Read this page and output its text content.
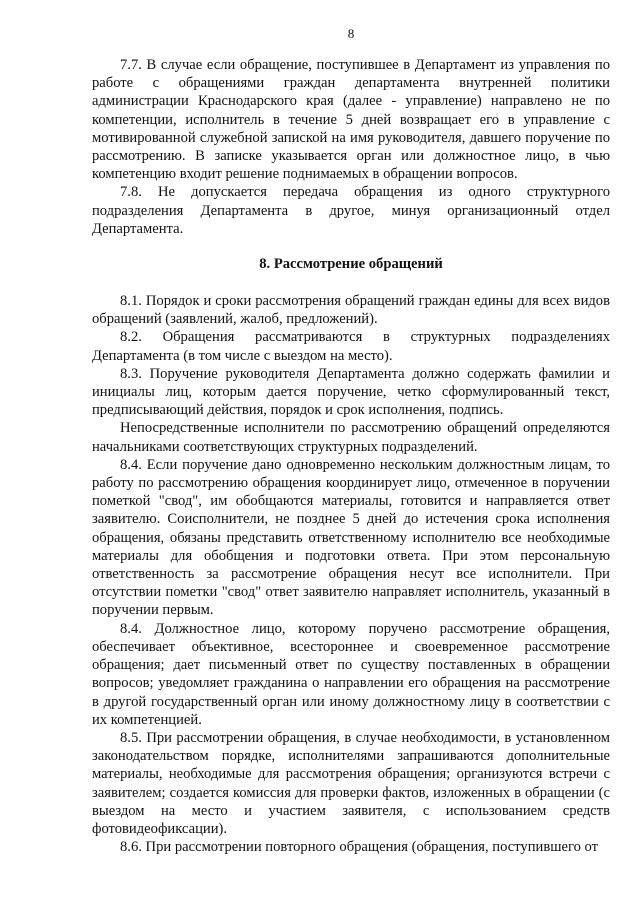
8

7.7. В случае если обращение, поступившее в Департамент из управления по работе с обращениями граждан департамента внутренней политики администрации Краснодарского края (далее - управление) направлено не по компетенции, исполнитель в течение 5 дней возвращает его в управление с мотивированной служебной запиской на имя руководителя, давшего поручение по рассмотрению. В записке указывается орган или должностное лицо, в чью компетенцию входит решение поднимаемых в обращении вопросов.

7.8. Не допускается передача обращения из одного структурного подразделения Департамента в другое, минуя организационный отдел Департамента.

8. Рассмотрение обращений

8.1. Порядок и сроки рассмотрения обращений граждан едины для всех видов обращений (заявлений, жалоб, предложений).

8.2. Обращения рассматриваются в структурных подразделениях Департамента (в том числе с выездом на место).

8.3. Поручение руководителя Департамента должно содержать фамилии и инициалы лиц, которым дается поручение, четко сформулированный текст, предписывающий действия, порядок и срок исполнения, подпись.

Непосредственные исполнители по рассмотрению обращений определяются начальниками соответствующих структурных подразделений.

8.4. Если поручение дано одновременно нескольким должностным лицам, то работу по рассмотрению обращения координирует лицо, отмеченное в поручении пометкой "свод", им обобщаются материалы, готовится и направляется ответ заявителю. Соисполнители, не позднее 5 дней до истечения срока исполнения обращения, обязаны представить ответственному исполнителю все необходимые материалы для обобщения и подготовки ответа. При этом персональную ответственность за рассмотрение обращения несут все исполнители. При отсутствии пометки "свод" ответ заявителю направляет исполнитель, указанный в поручении первым.

8.4. Должностное лицо, которому поручено рассмотрение обращения, обеспечивает объективное, всестороннее и своевременное рассмотрение обращения; дает письменный ответ по существу поставленных в обращении вопросов; уведомляет гражданина о направлении его обращения на рассмотрение в другой государственный орган или иному должностному лицу в соответствии с их компетенцией.

8.5. При рассмотрении обращения, в случае необходимости, в установленном законодательством порядке, исполнителями запрашиваются дополнительные материалы, необходимые для рассмотрения обращения; организуются встречи с заявителем; создается комиссия для проверки фактов, изложенных в обращении (с выездом на место и участием заявителя, с использованием средств фотовидеофиксации).

8.6. При рассмотрении повторного обращения (обращения, поступившего от
